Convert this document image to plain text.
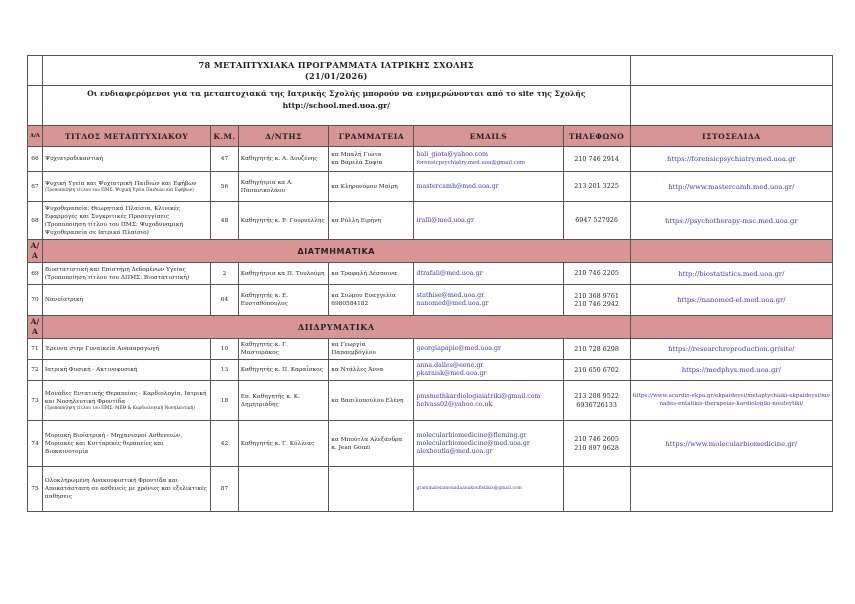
	78 ΜΕΤΑΠΤΥΧΙΑΚΑ ΠΡΟΓΡΑΜΜΑΤΑ ΙΑΤΡΙΚΗΣ ΣΧΟΛΗΣ
(21/01/2026)						

	Οι ενδιαφερόμενοι για τα μεταπτυχιακά της Ιατρικής Σχολής μπορούν να ενημερώνονται από το site της Σχολής
http://school.med.uoa.gr/						

Α/Α	ΤΙΤΛΟΣ ΜΕΤΑΠΤΥΧΙΑΚΟΥ	Κ.Μ.	Δ/ΝΤΗΣ	ΓΡΑΜΜΑΤΕΙΑ	EMAILS	ΤΗΛΕΦΩΝΟ	ΙΣΤΟΣΕΛΙΔΑ
66	Ψυχιατροδικαστική	47	Καθηγητής κ. Α. Δουζένης	κα Μπαλή Γιώτα
κα Βαρελά Σοφία	bali_giota@yahoo.com
forensicpsychiatry.med.uoa@gmail.com	210 746 2914	https://forensicpsychiatry.med.uoa.gr
67	Ψυχική Υγεία και Ψυχιατρική Παιδιών και Εφήβων
(Τροποποίηση τίτλου του ΠΜΣ: Ψυχική Υγεία Παιδιών και Εφήβων)	56	Καθηγήτρια κα Α. Παπανικολάου	κα Κληρονόμου Μαίρη	mastercamh@med.uoa.gr	213 201 3225	http://www.mastercamh.med.uoa.gr/
68	Ψυχοθεραπεία: Θεωρητικά Πλαίσια, Κλινικές Εφαρμογές και Συγκριτικές Προσεγγίσεις
(Τροποποίηση τίτλου του ΠΜΣ: Ψυχοδυναμική Ψυχοθεραπεία σε Ιατρικό Πλαίσιο)	48	Καθηγητής κ. Ρ. Γουρνέλλης	κα Ρόλλη Ειρήνη	iralli@med.uoa.gr	6947 527926	https://psychotherapy-msc.med.uoa.gr

Α/
Α	ΔΙΑΤΜΗΜΑΤΙΚΑ						
69	Βιοστατιστική και Επιστήμη Δεδομένων Υγείας
(Τροποποίηση τίτλου του ΔΠΜΣ: Βιοστατιστική)	2	Καθηγήτρια κα Π. Τουλούμη	κα Τραφαλή Δέσποινα	dtrafali@med.uoa.gr	210 746 2205	http://biostatistics.med.uoa.gr/
70	Νανοϊατρική	64	Καθηγητής κ. Ε. Ευσταθόπουλος	κα Σιώμου Ευαγγελία
6980584182	stathise@med.uoa.gr
nanomed@med.uoa.gr	210 368 9761
210 746 2942	https://nanomed-el.med.uoa.gr/

Α/
Α	ΔΙΙΔΡΥΜΑΤΙΚΑ						
71	Έρευνα στην Γυναικεία Αναπαραγωγή	10	Καθηγητής κ. Γ. Μαστοράκος	κα Γεωργία Παπαεμβόγλου	georgiapapie@med.uoa.gr	210 728 6298	https://researchreproduction.gr/site/
72	Ιατρική Φυσική - Ακτινοφυσική	13	Καθηγητής κ. Π. Καραΐσκος	κα Ντάλλες Άννα	anna.dalles@eene.gr
pkaraisk@med.uoa.gr	210 650 6702	https://medphys.med.uoa.gr/
73	Μονάδες Εντατικής Θεραπείας - Καρδιολογία, Ιατρική και Νοσηλευτική Φροντίδα
(Τροποποίηση τίτλου του ΠΜΣ: ΜΕΘ & Καρδιολογική Νοσηλευτική)	18	Επ. Καθηγητής κ. Κ. Δημητριάδης	κα Βασιλοπούλου Ελένη	pmsmethkardiologiaiatriki@gmail.com
helvass02@yahoo.co.uk	213 208 9522
6936726133	https://www.acardio-ekpa.gr/ekpaideysi/metaptychiaki-ekpaideysi/monades-entatikis-therapeias-kardiologiki-nosileytiki/
74	Μοριακή Βιοϊατρική - Μηχανισμοί Ασθενειών, Μοριακές και Κυτταρικές θεραπείες και Βιοκαινοτομία	42	Καθηγητής κ. Γ. Κόλλιας	κα Μπούτλα Αλεξάνδρα
κ. Jean Gouzi	molecularbiomedicine@fleming.gr
molecularbiomedicine@med.uoa.gr
alexboutla@med.uoa.gr	210 746 2605
210 897 9628	https://www.molecularbiomedicine.gr/
75	Ολοκληρωμένη Ανακουφιστική Φροντίδα και Αποκατάσταση σε ασθενείς με χρόνιες και εξελικτικές παθήσεις	87			grammateiamonadaanakoufistikis@gmail.com		
